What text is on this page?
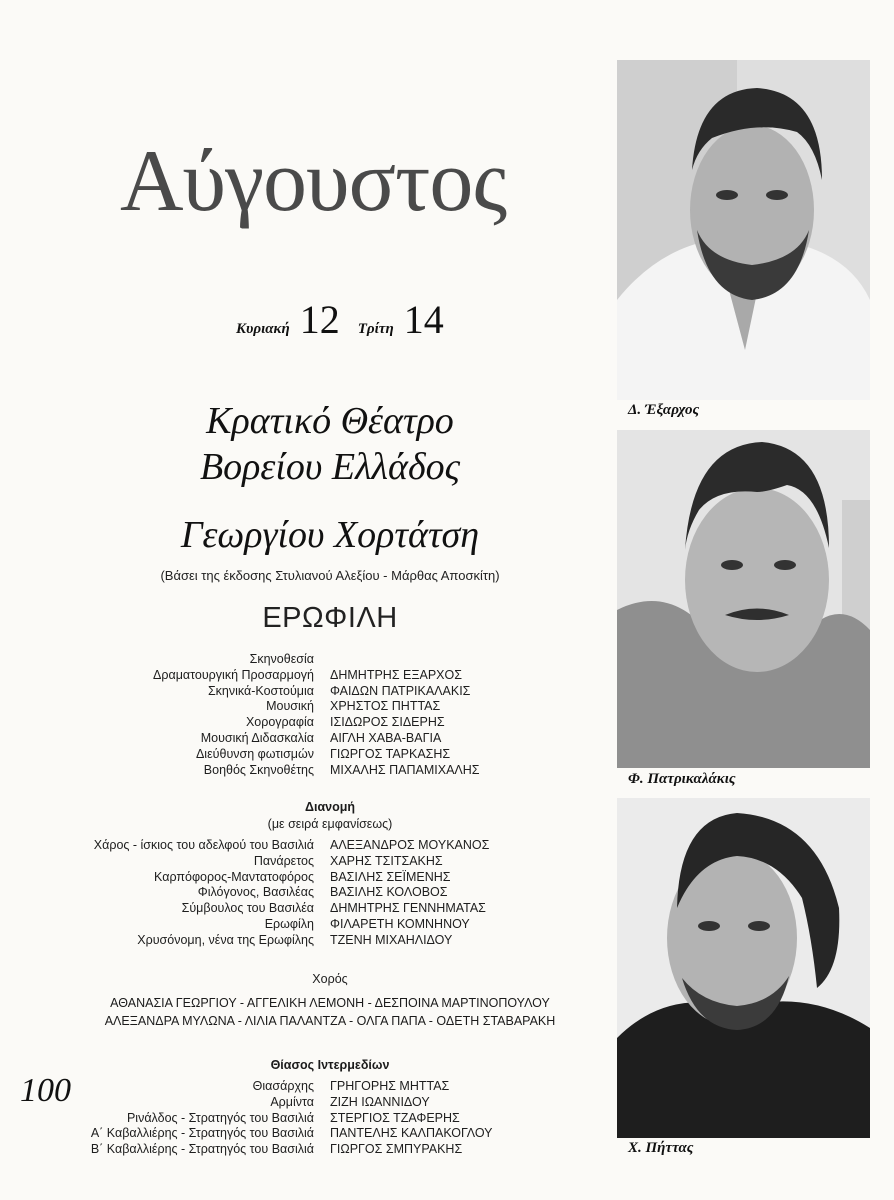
Αύγουστος
Κυριακή 12 Τρίτη 14
Κρατικό Θέατρο
Βορείου Ελλάδος
Γεωργίου Χορτάτση
(Βάσει της έκδοσης Στυλιανού Αλεξίου - Μάρθας Αποσκίτη)
ΕΡΩΦΙΛΗ
Σκηνοθεσία
Δραματουργική Προσαρμογή	ΔΗΜΗΤΡΗΣ ΕΞΑΡΧΟΣ
Σκηνικά-Κοστούμια	ΦΑΙΔΩΝ ΠΑΤΡΙΚΑΛΑΚΙΣ
Μουσική	ΧΡΗΣΤΟΣ ΠΗΤΤΑΣ
Χορογραφία	ΙΣΙΔΩΡΟΣ ΣΙΔΕΡΗΣ
Μουσική Διδασκαλία	ΑΙΓΛΗ ΧΑΒΑ-ΒΑΓΙΑ
Διεύθυνση φωτισμών	ΓΙΩΡΓΟΣ ΤΑΡΚΑΣΗΣ
Βοηθός Σκηνοθέτης	ΜΙΧΑΛΗΣ ΠΑΠΑΜΙΧΑΛΗΣ
Διανομή
(με σειρά εμφανίσεως)
Χάρος - ίσκιος του αδελφού του Βασιλιά	ΑΛΕΞΑΝΔΡΟΣ ΜΟΥΚΑΝΟΣ
Πανάρετος	ΧΑΡΗΣ ΤΣΙΤΣΑΚΗΣ
Καρπόφορος-Μαντατοφόρος	ΒΑΣΙΛΗΣ ΣΕΪΜΕΝΗΣ
Φιλόγονος, Βασιλέας	ΒΑΣΙΛΗΣ ΚΟΛΟΒΟΣ
Σύμβουλος του Βασιλέα	ΔΗΜΗΤΡΗΣ ΓΕΝΝΗΜΑΤΑΣ
Ερωφίλη	ΦΙΛΑΡΕΤΗ ΚΟΜΝΗΝΟΥ
Χρυσόνομη, νένα της Ερωφίλης	ΤΖΕΝΗ ΜΙΧΑΗΛΙΔΟΥ
Χορός
ΑΘΑΝΑΣΙΑ ΓΕΩΡΓΙΟΥ - ΑΓΓΕΛΙΚΗ ΛΕΜΟΝΗ - ΔΕΣΠΟΙΝΑ ΜΑΡΤΙΝΟΠΟΥΛΟΥ
ΑΛΕΞΑΝΔΡΑ ΜΥΛΩΝΑ - ΛΙΛΙΑ ΠΑΛΑΝΤΖΑ - ΟΛΓΑ ΠΑΠΑ - ΟΔΕΤΗ ΣΤΑΒΑΡΑΚΗ
Θίασος Ιντερμεδίων
Θιασάρχης	ΓΡΗΓΟΡΗΣ ΜΗΤΤΑΣ
Αρμίντα	ΖΙΖΗ ΙΩΑΝΝΙΔΟΥ
Ρινάλδος - Στρατηγός του Βασιλιά	ΣΤΕΡΓΙΟΣ ΤΖΑΦΕΡΗΣ
Α΄ Καβαλλιέρης - Στρατηγός του Βασιλιά	ΠΑΝΤΕΛΗΣ ΚΑΛΠΑΚΟΓΛΟΥ
Β΄ Καβαλλιέρης - Στρατηγός του Βασιλιά	ΓΙΩΡΓΟΣ ΣΜΠΥΡΑΚΗΣ
100
Δ. Έξαρχος
Φ. Πατρικαλάκις
Χ. Πήττας
